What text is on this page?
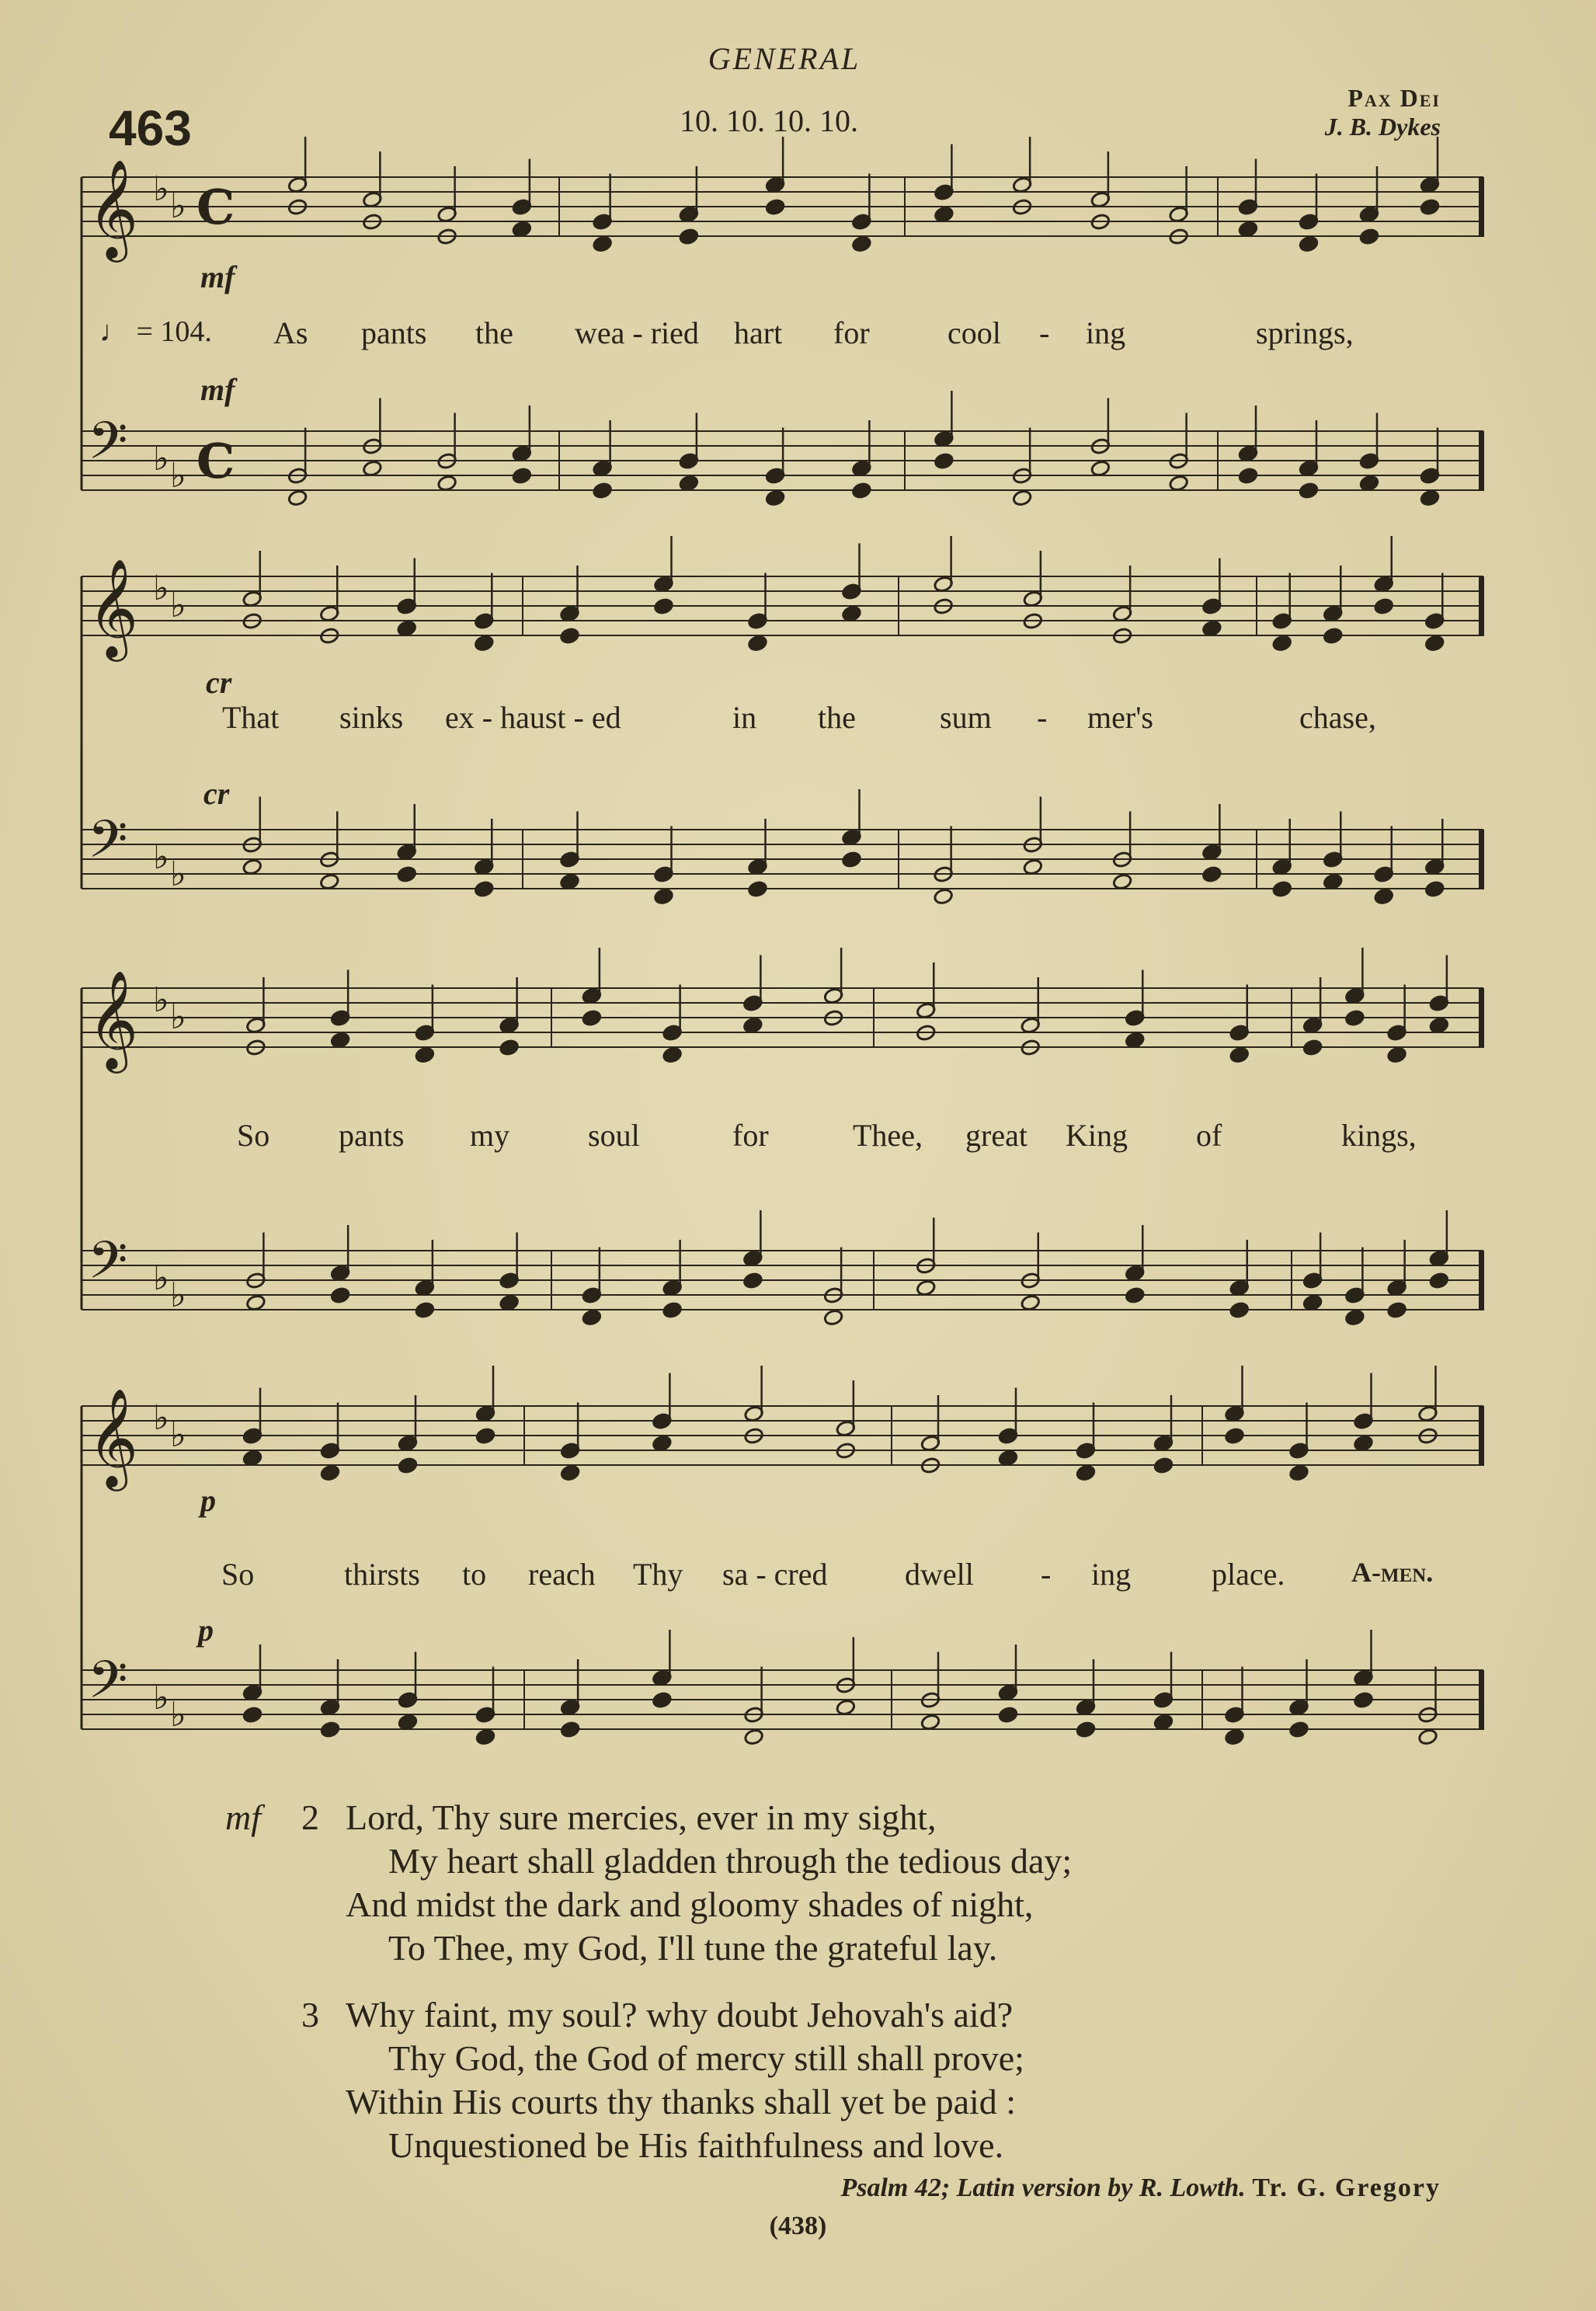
GENERAL
463	10. 10. 10. 10.
Pax Dei
J. B. Dykes
𝄞 ♭ ♭ C
𝄢 ♭ ♭ C
𝄞 ♭ ♭
𝄢 ♭ ♭
𝄞 ♭ ♭
𝄢 ♭ ♭
𝄞 ♭ ♭
𝄢 ♭ ♭
♩ = 104.
mf
mf
cr
cr
p
p
As pants the wea - ried hart for	cool - ing	springs,
That sinks ex - haust - ed	in the	sum - mer's	chase,
So pants my	soul	for	Thee, great King of	kings,
So	thirsts to reach Thy sa - cred dwell - ing	place. A-men.
mf 2 Lord, Thy sure mercies, ever in my sight,
My heart shall gladden through the tedious day;
And midst the dark and gloomy shades of night,
To Thee, my God, I'll tune the grateful lay.
3 Why faint, my soul? why doubt Jehovah's aid?
Thy God, the God of mercy still shall prove;
Within His courts thy thanks shall yet be paid :
Unquestioned be His faithfulness and love.
Psalm 42; Latin version by R. Lowth. Tr. G. Gregory
(438)
